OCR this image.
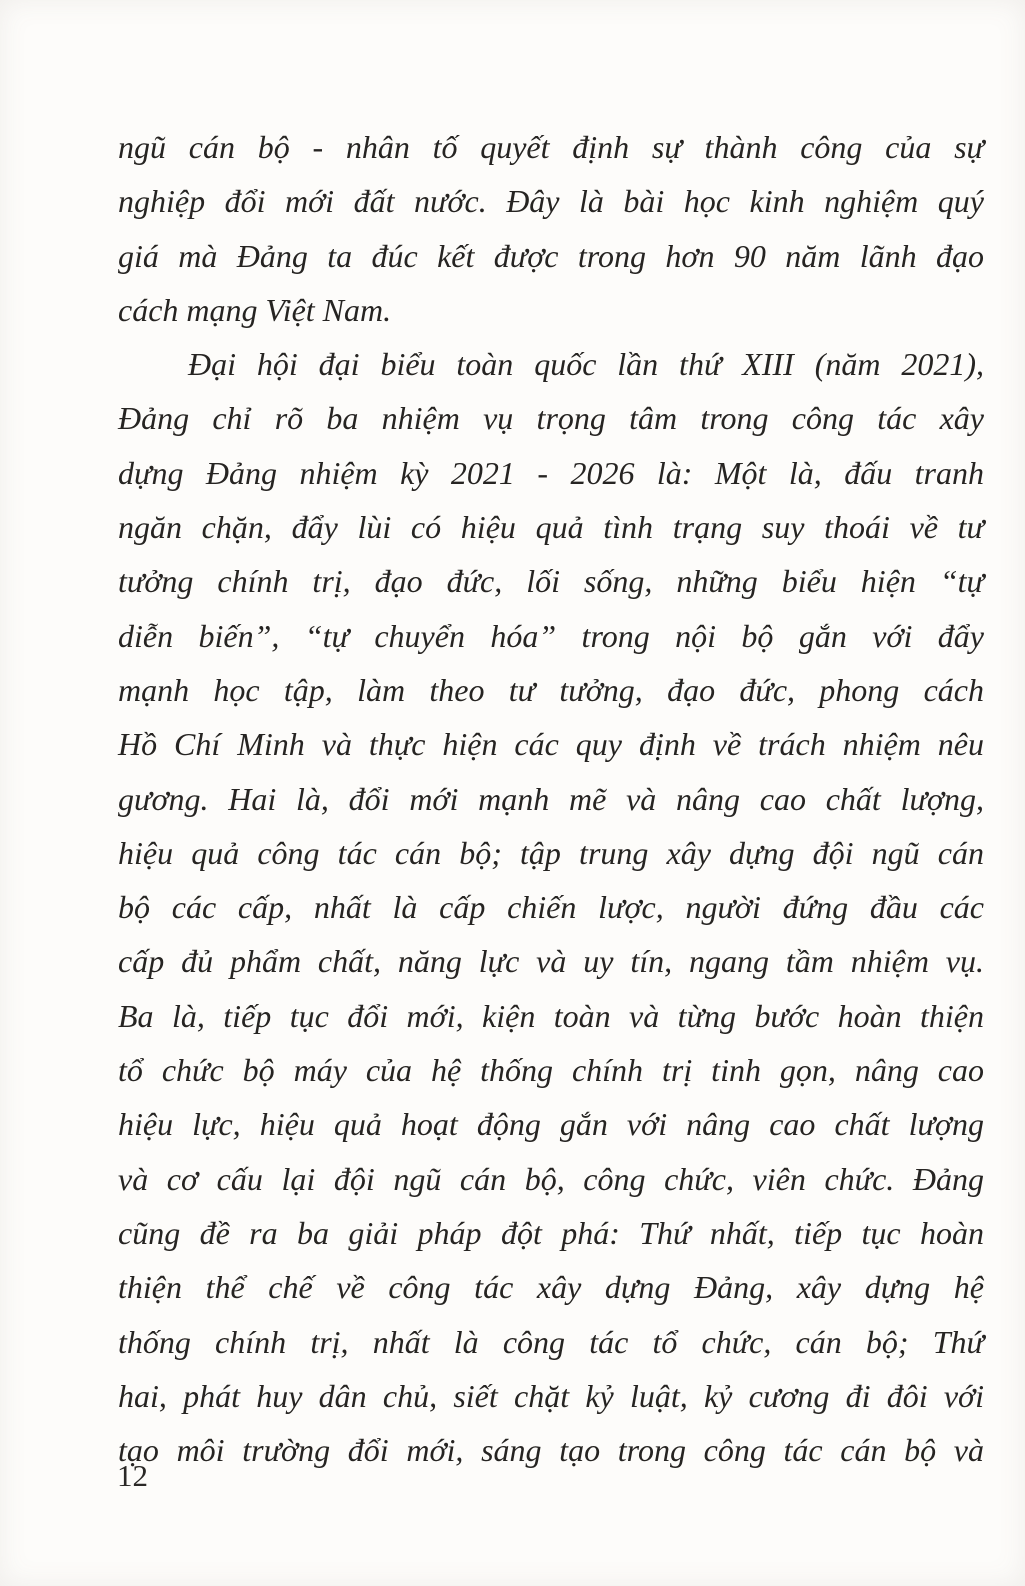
ngũ cán bộ - nhân tố quyết định sự thành công của sự
nghiệp đổi mới đất nước. Đây là bài học kinh nghiệm quý
giá mà Đảng ta đúc kết được trong hơn 90 năm lãnh đạo
cách mạng Việt Nam.
Đại hội đại biểu toàn quốc lần thứ XIII (năm 2021),
Đảng chỉ rõ ba nhiệm vụ trọng tâm trong công tác xây
dựng Đảng nhiệm kỳ 2021 - 2026 là: Một là, đấu tranh
ngăn chặn, đẩy lùi có hiệu quả tình trạng suy thoái về tư
tưởng chính trị, đạo đức, lối sống, những biểu hiện “tự
diễn biến”, “tự chuyển hóa” trong nội bộ gắn với đẩy
mạnh học tập, làm theo tư tưởng, đạo đức, phong cách
Hồ Chí Minh và thực hiện các quy định về trách nhiệm nêu
gương. Hai là, đổi mới mạnh mẽ và nâng cao chất lượng,
hiệu quả công tác cán bộ; tập trung xây dựng đội ngũ cán
bộ các cấp, nhất là cấp chiến lược, người đứng đầu các
cấp đủ phẩm chất, năng lực và uy tín, ngang tầm nhiệm vụ.
Ba là, tiếp tục đổi mới, kiện toàn và từng bước hoàn thiện
tổ chức bộ máy của hệ thống chính trị tinh gọn, nâng cao
hiệu lực, hiệu quả hoạt động gắn với nâng cao chất lượng
và cơ cấu lại đội ngũ cán bộ, công chức, viên chức. Đảng
cũng đề ra ba giải pháp đột phá: Thứ nhất, tiếp tục hoàn
thiện thể chế về công tác xây dựng Đảng, xây dựng hệ
thống chính trị, nhất là công tác tổ chức, cán bộ; Thứ
hai, phát huy dân chủ, siết chặt kỷ luật, kỷ cương đi đôi với
tạo môi trường đổi mới, sáng tạo trong công tác cán bộ và
12
